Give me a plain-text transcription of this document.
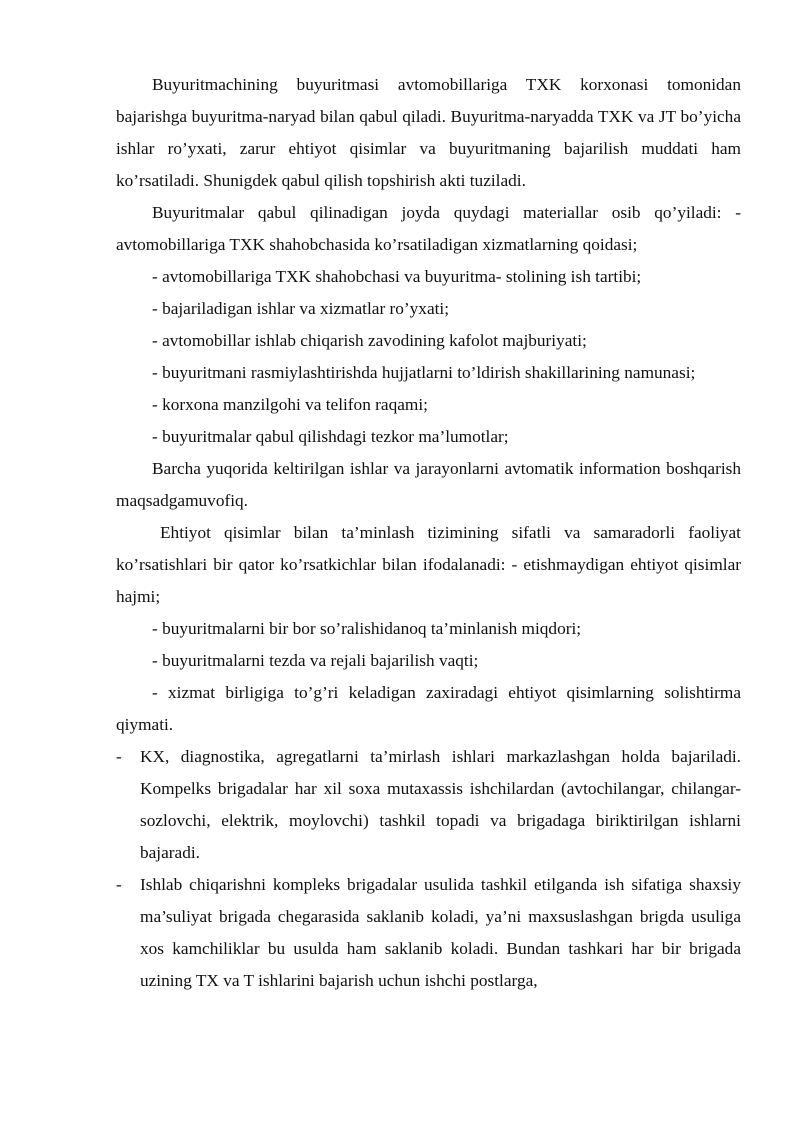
Buyuritmachining buyuritmasi avtomobillariga TXK korxonasi tomonidan bajarishga buyuritma-naryad bilan qabul qiladi. Buyuritma-naryadda TXK va JT bo’yicha ishlar ro’yxati, zarur ehtiyot qisimlar va buyuritmaning bajarilish muddati ham ko’rsatiladi. Shunigdek qabul qilish topshirish akti tuziladi.
Buyuritmalar qabul qilinadigan joyda quydagi materiallar osib qo’yiladi: - avtomobillariga TXK shahobchasida ko’rsatiladigan xizmatlarning qoidasi;
- avtomobillariga TXK shahobchasi va buyuritma- stolining ish tartibi;
- bajariladigan ishlar va xizmatlar ro’yxati;
- avtomobillar ishlab chiqarish zavodining kafolot majburiyati;
- buyuritmani rasmiylashtirishda hujjatlarni to’ldirish shakillarining namunasi;
- korxona manzilgohi va telifon raqami;
- buyuritmalar qabul qilishdagi tezkor ma’lumotlar;
Barcha yuqorida keltirilgan ishlar va jarayonlarni avtomatik information boshqarish maqsadgamuvofiq.
Ehtiyot qisimlar bilan ta’minlash tizimining sifatli va samaradorli faoliyat ko’rsatishlari bir qator ko’rsatkichlar bilan ifodalanadi: - etishmaydigan ehtiyot qisimlar hajmi;
- buyuritmalarni bir bor so’ralishidanoq ta’minlanish miqdori;
- buyuritmalarni tezda va rejali bajarilish vaqti;
- xizmat birligiga to’g’ri keladigan zaxiradagi ehtiyot qisimlarning solishtirma qiymati.
- KX, diagnostika, agregatlarni ta’mirlash ishlari markazlashgan holda bajariladi. Kompelks brigadalar har xil soxa mutaxassis ishchilardan (avtochilangar, chilangar-sozlovchi, elektrik, moylovchi) tashkil topadi va brigadaga biriktirilgan ishlarni bajaradi.
- Ishlab chiqarishni kompleks brigadalar usulida tashkil etilganda ish sifatiga shaxsiy ma’suliyat brigada chegarasida saklanib koladi, ya’ni maxsuslashgan brigda usuliga xos kamchiliklar bu usulda ham saklanib koladi. Bundan tashkari har bir brigada uzining TX va T ishlarini bajarish uchun ishchi postlarga,
